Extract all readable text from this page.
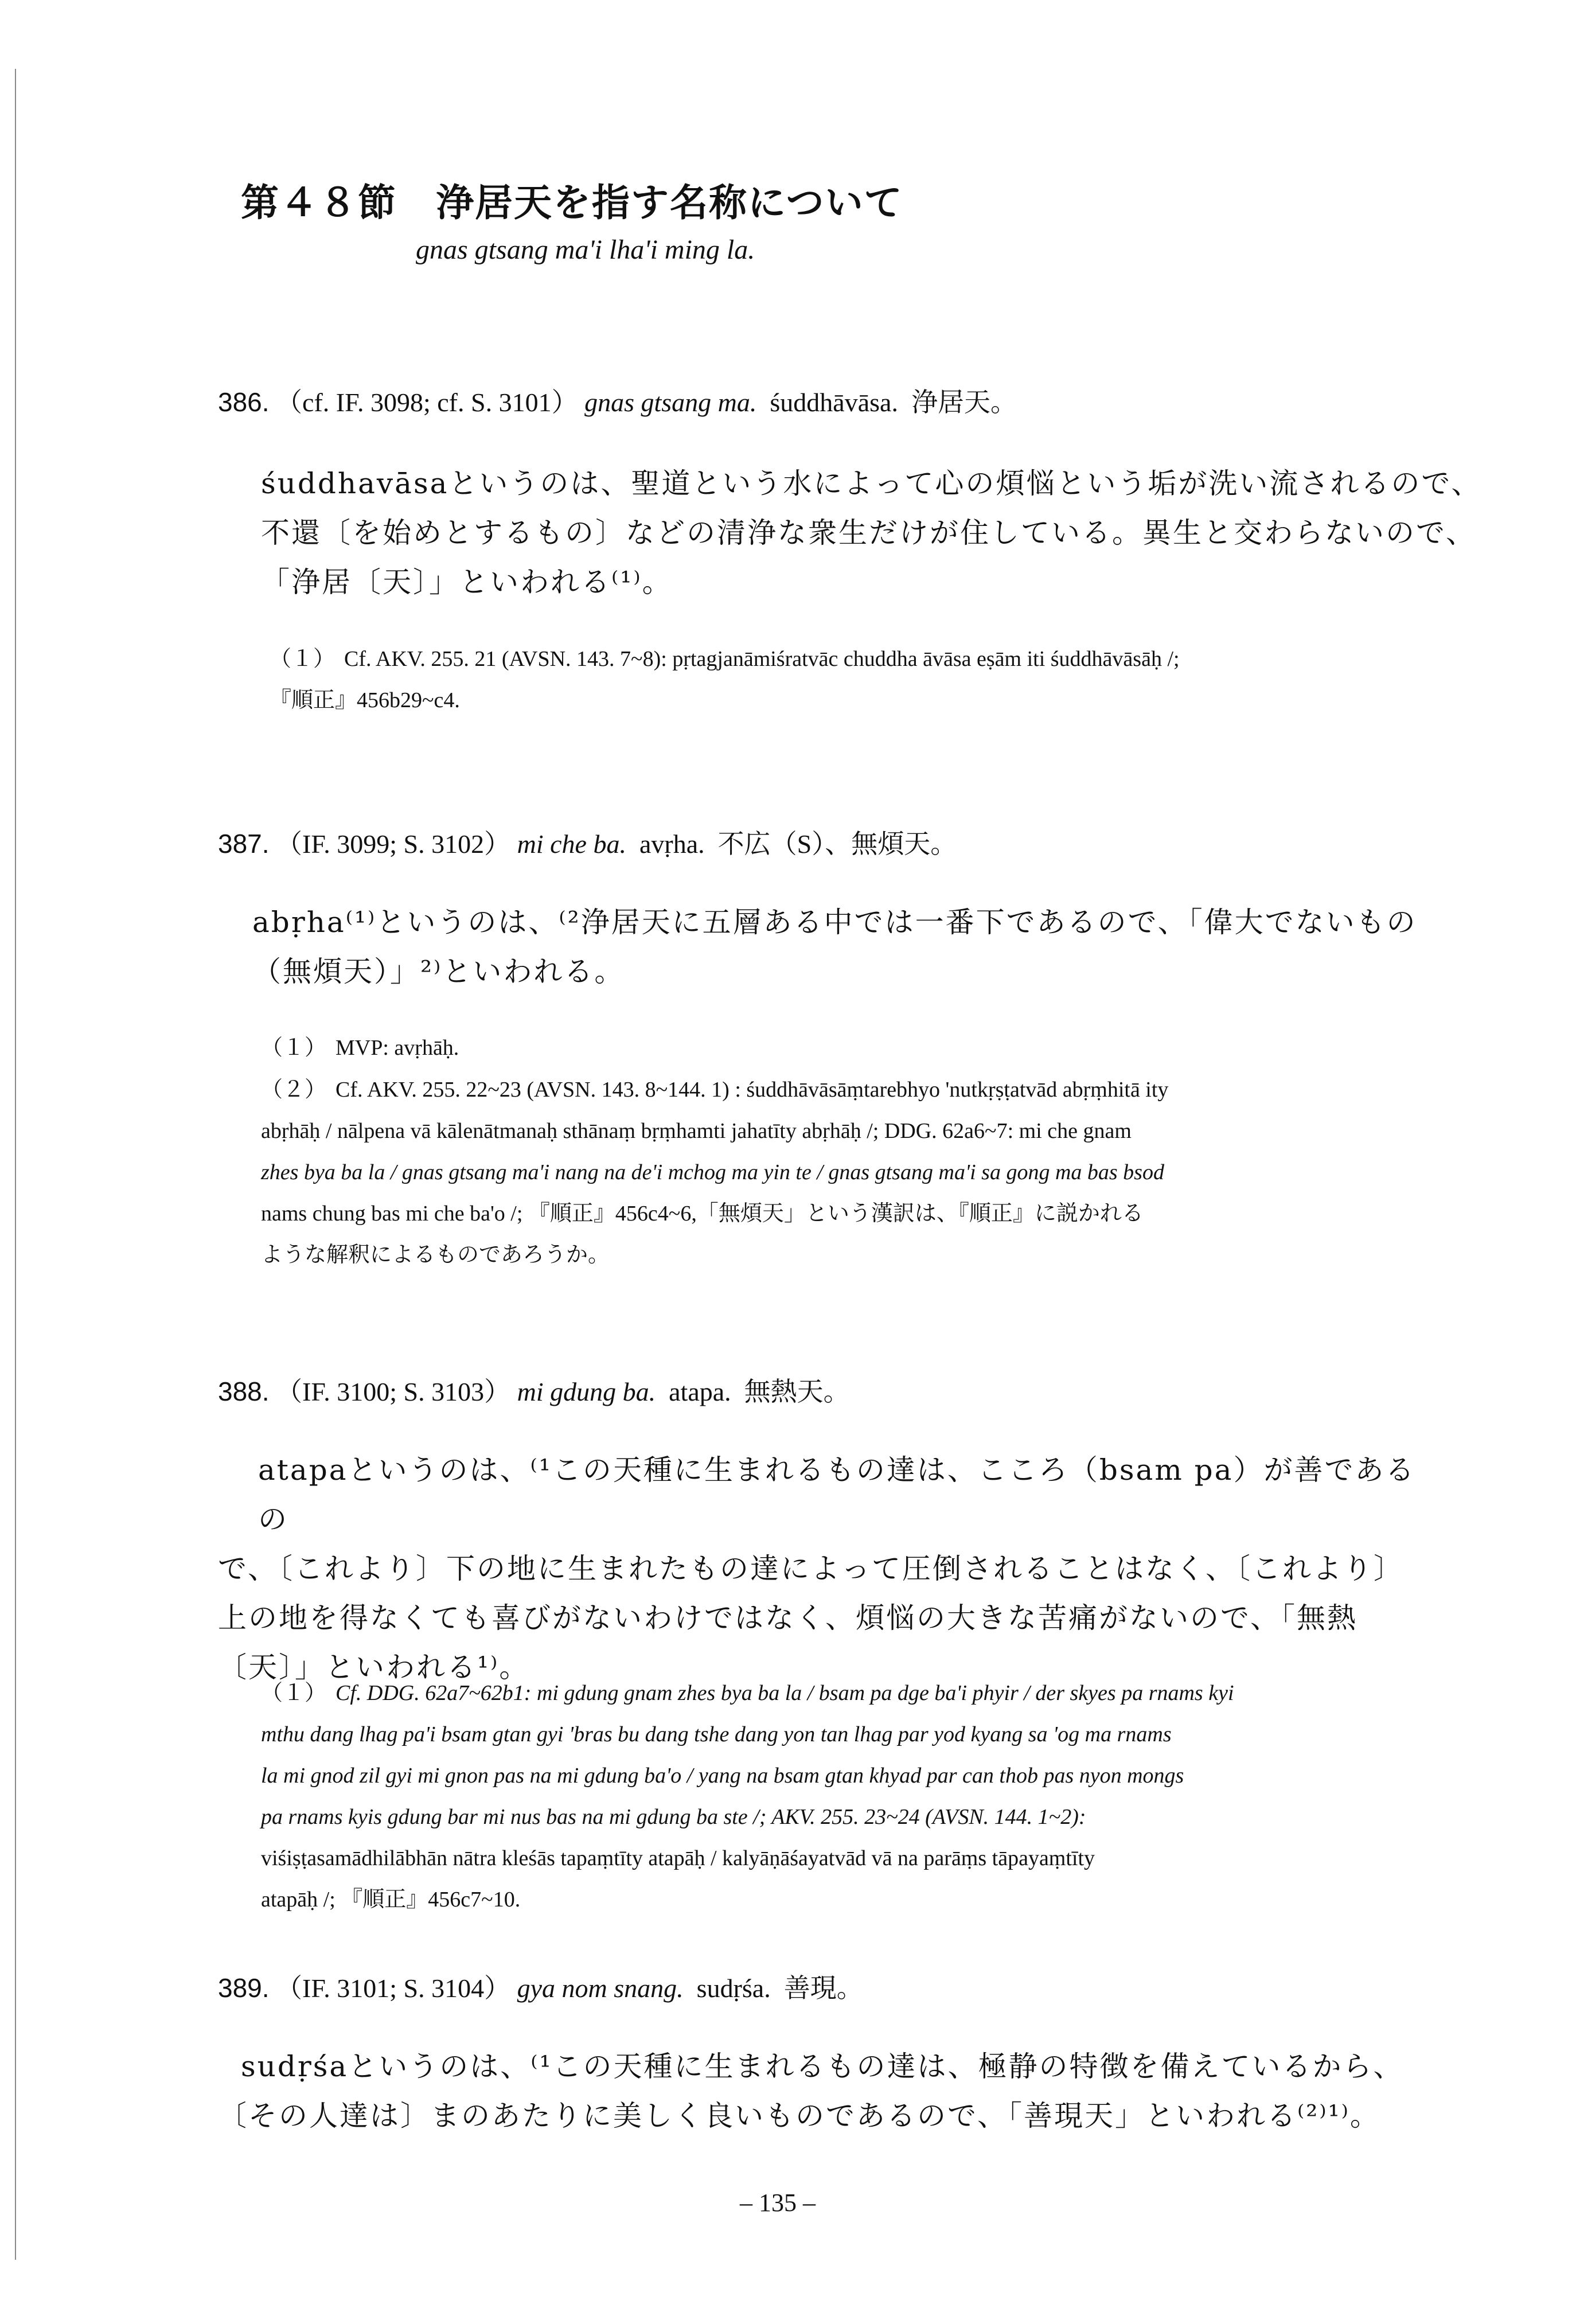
第４８節　浄居天を指す名称について
gnas gtsang ma'i lha'i ming la.
386. （cf. IF. 3098; cf. S. 3101） gnas gtsang ma. śuddhāvāsa. 浄居天。
śuddhavāsaというのは、聖道という水によって心の煩悩という垢が洗い流されるので、
不還〔を始めとするもの〕などの清浄な衆生だけが住している。異生と交わらないので、
「浄居〔天〕」といわれる⁽¹⁾。
（１） Cf. AKV. 255. 21 (AVSN. 143. 7~8): pṛtagjanāmiśratvāc chuddha āvāsa eṣām iti śuddhāvāsāḥ /;
『順正』456b29~c4.
387. （IF. 3099; S. 3102） mi che ba. avṛha. 不広（S）、無煩天。
abṛha⁽¹⁾というのは、⁽²浄居天に五層ある中では一番下であるので、「偉大でないもの
（無煩天）」²⁾といわれる。
（１） MVP: avṛhāḥ.
（２） Cf. AKV. 255. 22~23 (AVSN. 143. 8~144. 1) : śuddhāvāsāṃtarebhyo 'nutkṛṣṭatvād abṛṃhitā ity
abṛhāḥ / nālpena vā kālenātmanaḥ sthānaṃ bṛṃhamti jahatīty abṛhāḥ /; DDG. 62a6~7: mi che gnam
zhes bya ba la / gnas gtsang ma'i nang na de'i mchog ma yin te / gnas gtsang ma'i sa gong ma bas bsod
nams chung bas mi che ba'o /; 『順正』456c4~6,「無煩天」という漢訳は、『順正』に説かれる
ような解釈によるものであろうか。
388. （IF. 3100; S. 3103） mi gdung ba. atapa. 無熱天。
atapaというのは、⁽¹この天種に生まれるもの達は、こころ（bsam pa）が善であるの
で、〔これより〕下の地に生まれたもの達によって圧倒されることはなく、〔これより〕
上の地を得なくても喜びがないわけではなく、煩悩の大きな苦痛がないので、「無熱
〔天〕」といわれる¹⁾。
（１） Cf. DDG. 62a7~62b1: mi gdung gnam zhes bya ba la / bsam pa dge ba'i phyir / der skyes pa rnams kyi
mthu dang lhag pa'i bsam gtan gyi 'bras bu dang tshe dang yon tan lhag par yod kyang sa 'og ma rnams
la mi gnod zil gyi mi gnon pas na mi gdung ba'o / yang na bsam gtan khyad par can thob pas nyon mongs
pa rnams kyis gdung bar mi nus bas na mi gdung ba ste /; AKV. 255. 23~24 (AVSN. 144. 1~2):
viśiṣṭasamādhilābhān nātra kleśās tapaṃtīty atapāḥ / kalyāṇāśayatvād vā na parāṃs tāpayaṃtīty
atapāḥ /; 『順正』456c7~10.
389. （IF. 3101; S. 3104） gya nom snang. sudṛśa. 善現。
sudṛśaというのは、⁽¹この天種に生まれるもの達は、極静の特徴を備えているから、
〔その人達は〕まのあたりに美しく良いものであるので、「善現天」といわれる⁽²⁾¹⁾。
– 135 –
